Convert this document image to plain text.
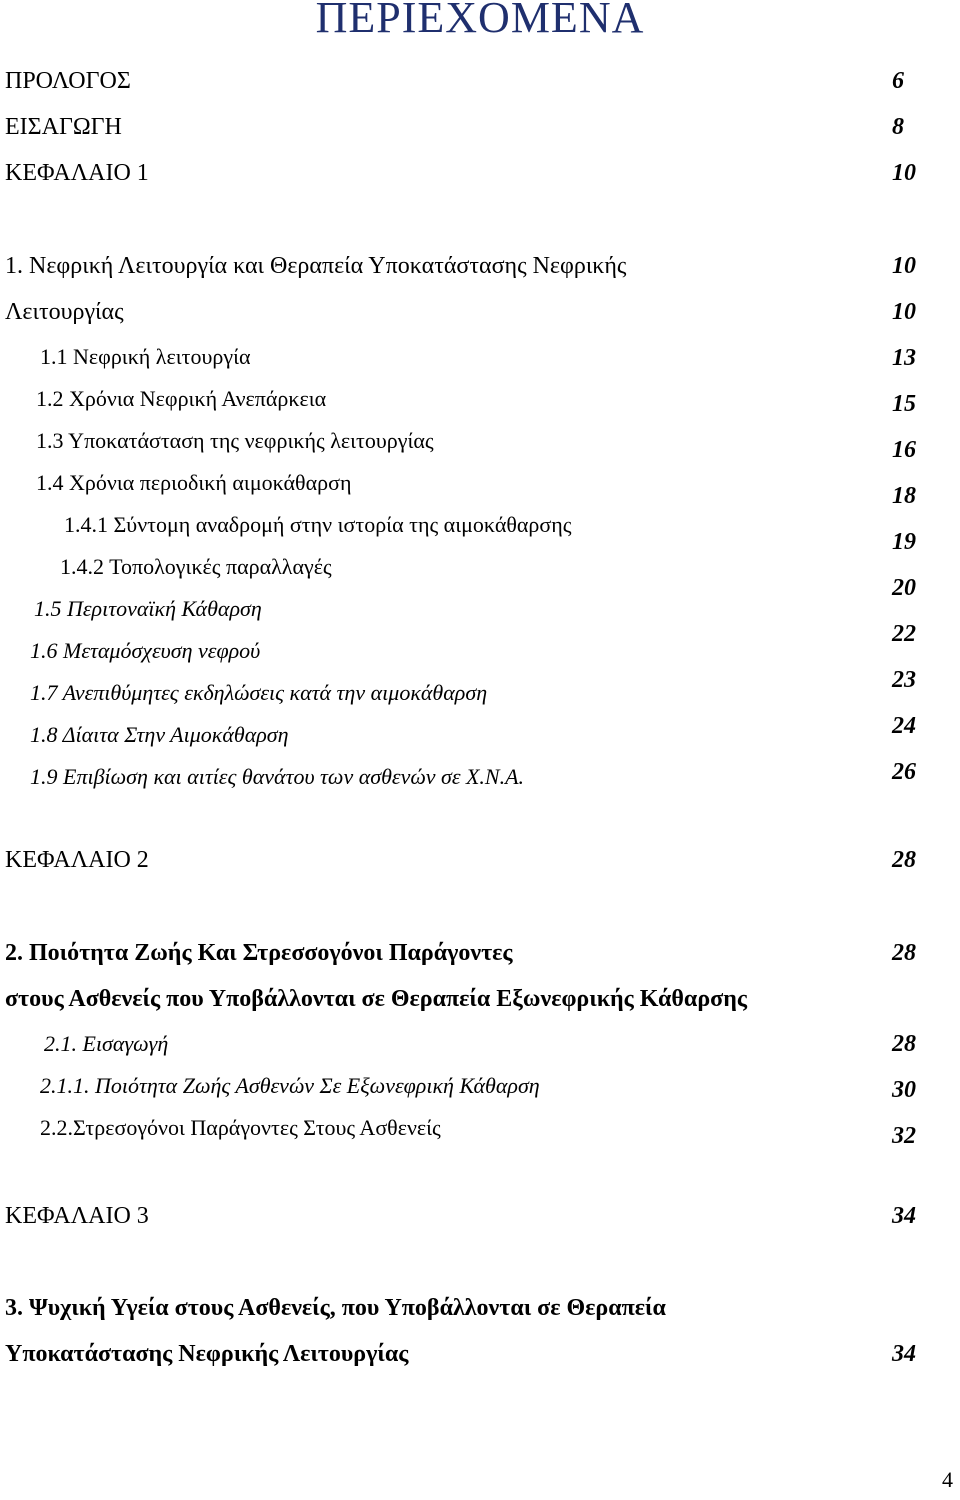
ΠΕΡΙΕΧΟΜΕΝΑ
ΠΡΟΛΟΓΟΣ
ΕΙΣΑΓΩΓΗ
ΚΕΦΑΛΑΙΟ 1
1. Νεφρική Λειτουργία και Θεραπεία Υποκατάστασης Νεφρικής
Λειτουργίας
1.1 Νεφρική λειτουργία
1.2 Χρόνια Νεφρική Ανεπάρκεια
1.3 Υποκατάσταση της νεφρικής λειτουργίας
1.4 Χρόνια περιοδική αιμοκάθαρση
1.4.1 Σύντομη αναδρομή στην ιστορία της αιμοκάθαρσης
1.4.2 Τοπολογικές παραλλαγές
1.5 Περιτοναϊκή Κάθαρση
1.6 Μεταμόσχευση νεφρού
1.7 Ανεπιθύμητες εκδηλώσεις κατά την αιμοκάθαρση
1.8 Δίαιτα Στην Αιμοκάθαρση
1.9 Επιβίωση και αιτίες θανάτου των ασθενών σε Χ.Ν.Α.
ΚΕΦΑΛΑΙΟ 2
2. Ποιότητα Ζωής Και Στρεσσογόνοι Παράγοντες
στους Ασθενείς που Υποβάλλονται σε Θεραπεία Εξωνεφρικής Κάθαρσης
2.1. Εισαγωγή
2.1.1. Ποιότητα Ζωής Ασθενών Σε Εξωνεφρική Κάθαρση
2.2.Στρεσογόνοι Παράγοντες Στους Ασθενείς
ΚΕΦΑΛΑΙΟ 3
3. Ψυχική Υγεία στους Ασθενείς, που Υποβάλλονται σε Θεραπεία
Υποκατάστασης Νεφρικής Λειτουργίας
6
8
10
10
10
13
15
16
18
19
20
22
23
24
26
28
28
28
30
32
34
34
4
